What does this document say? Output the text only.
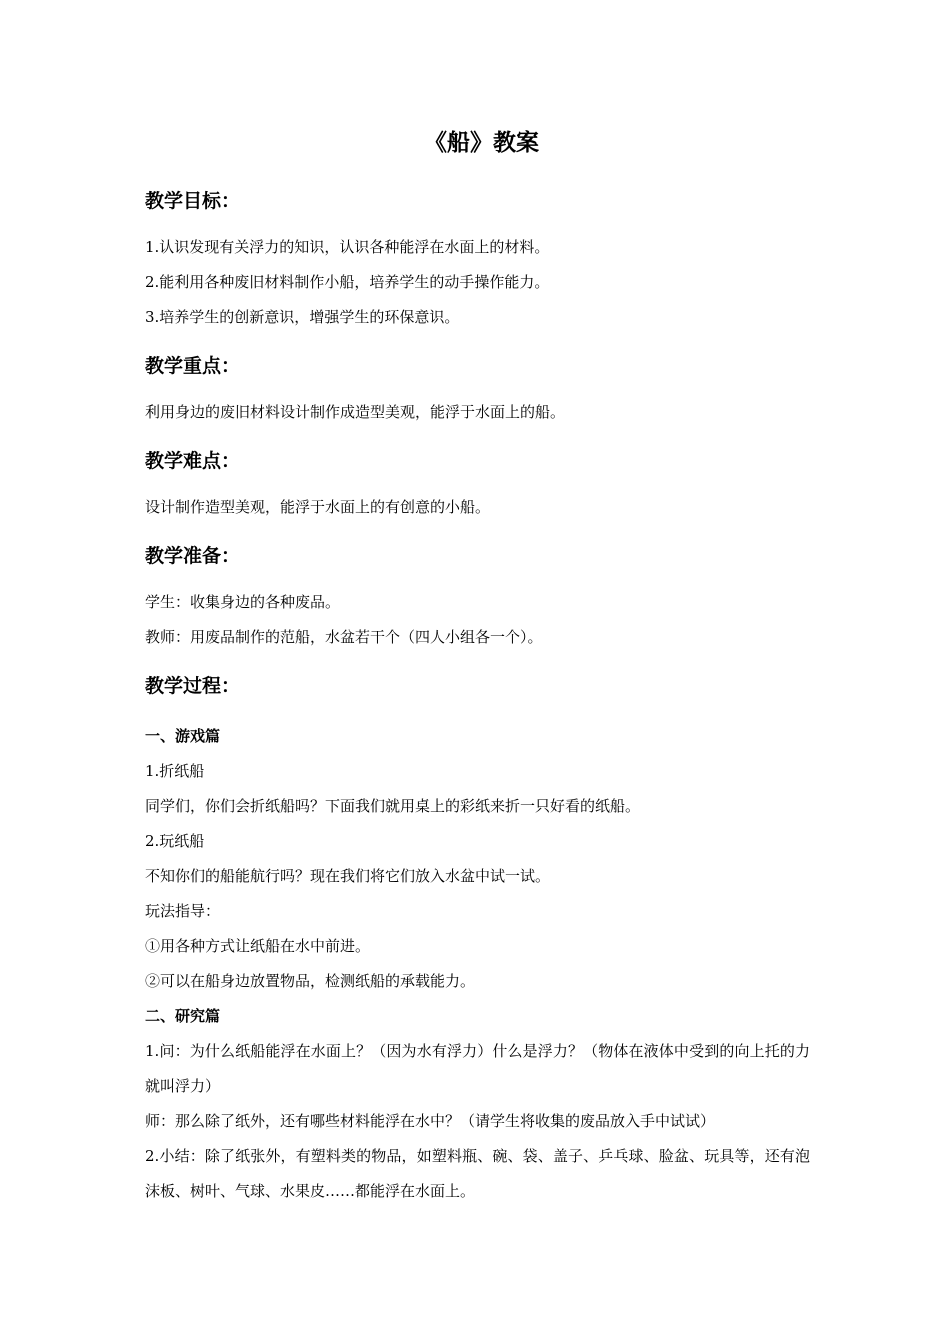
《船》教案
教学目标：
1.认识发现有关浮力的知识，认识各种能浮在水面上的材料。
2.能利用各种废旧材料制作小船，培养学生的动手操作能力。
3.培养学生的创新意识，增强学生的环保意识。
教学重点：
利用身边的废旧材料设计制作成造型美观，能浮于水面上的船。
教学难点：
设计制作造型美观，能浮于水面上的有创意的小船。
教学准备：
学生：收集身边的各种废品。
教师：用废品制作的范船，水盆若干个（四人小组各一个）。
教学过程：
一、游戏篇
1.折纸船
同学们，你们会折纸船吗？下面我们就用桌上的彩纸来折一只好看的纸船。
2.玩纸船
不知你们的船能航行吗？现在我们将它们放入水盆中试一试。
玩法指导：
①用各种方式让纸船在水中前进。
②可以在船身边放置物品，检测纸船的承载能力。
二、研究篇
1.问：为什么纸船能浮在水面上？（因为水有浮力）什么是浮力？（物体在液体中受到的向上托的力就叫浮力）
师：那么除了纸外，还有哪些材料能浮在水中？（请学生将收集的废品放入手中试试）
2.小结：除了纸张外，有塑料类的物品，如塑料瓶、碗、袋、盖子、乒乓球、脸盆、玩具等，还有泡沫板、树叶、气球、水果皮……都能浮在水面上。
